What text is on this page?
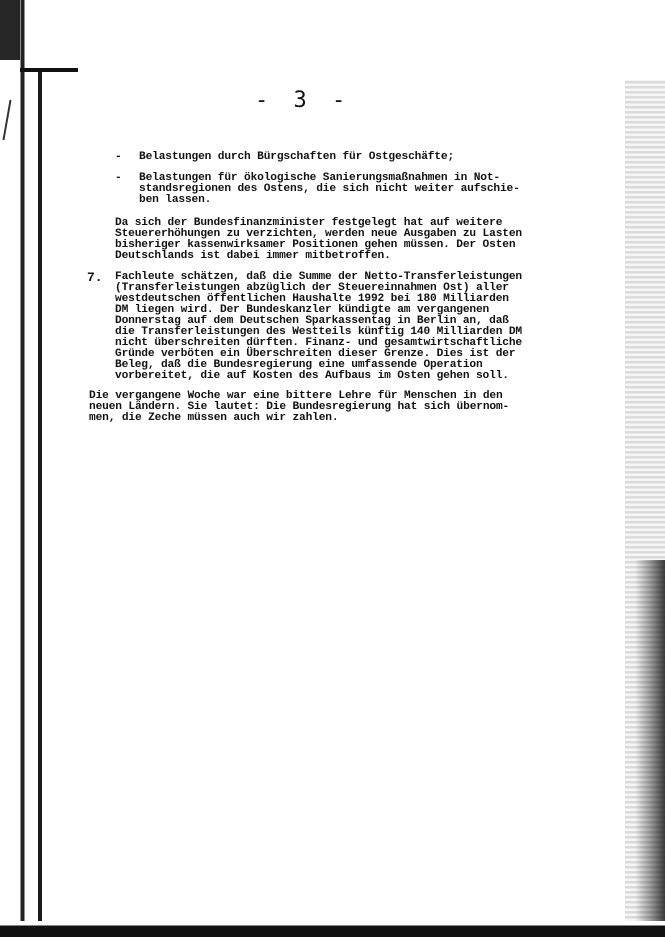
- 3 -
- Belastungen durch Bürgschaften für Ostgeschäfte;
- Belastungen für ökologische Sanierungsmaßnahmen in Not-
standsregionen des Ostens, die sich nicht weiter aufschie-
ben lassen.
Da sich der Bundesfinanzminister festgelegt hat auf weitere
Steuererhöhungen zu verzichten, werden neue Ausgaben zu Lasten
bisheriger kassenwirksamer Positionen gehen müssen. Der Osten
Deutschlands ist dabei immer mitbetroffen.
7. Fachleute schätzen, daß die Summe der Netto-Transferleistungen
(Transferleistungen abzüglich der Steuereinnahmen Ost) aller
westdeutschen öffentlichen Haushalte 1992 bei 180 Milliarden
DM liegen wird. Der Bundeskanzler kündigte am vergangenen
Donnerstag auf dem Deutschen Sparkassentag in Berlin an, daß
die Transferleistungen des Westteils künftig 140 Milliarden DM
nicht überschreiten dürften. Finanz- und gesamtwirtschaftliche
Gründe verböten ein Überschreiten dieser Grenze. Dies ist der
Beleg, daß die Bundesregierung eine umfassende Operation
vorbereitet, die auf Kosten des Aufbaus im Osten gehen soll.
Die vergangene Woche war eine bittere Lehre für Menschen in den
neuen Ländern. Sie lautet: Die Bundesregierung hat sich übernom-
men, die Zeche müssen auch wir zahlen.
